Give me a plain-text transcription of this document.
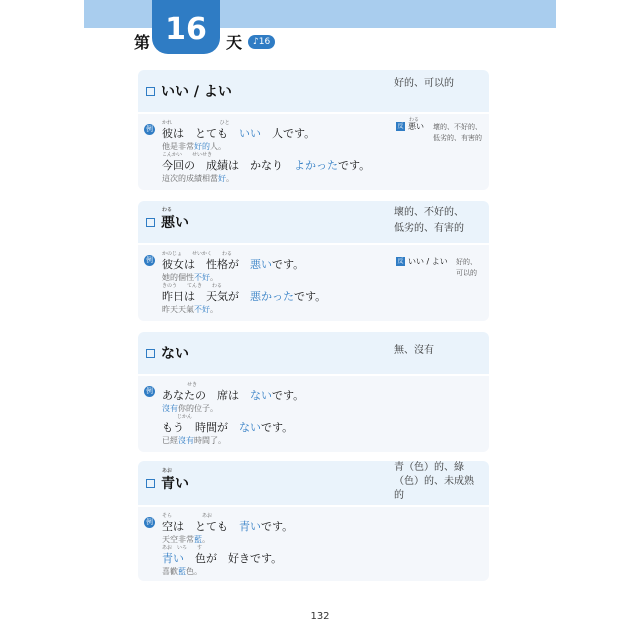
第 16	天	♪16
いい / よい
好的、可以的
例
かれ                              ひと
彼は　とても　いい　人です。
他是非常好的人。
こんかい　　せいせき
今回の　成績は　かなり　よかったです。
這次的成績相當好。
反
わる
悪い 壞的、不好的、
低劣的、有害的
わる
悪い
壞的、不好的、
低劣的、有害的
例
かのじょ　　せいかく　　わる
彼女は　性格が　悪いです。
她的個性不好。
きのう　　てんき　　わる
昨日は　天気が　悪かったです。
昨天天氣不好。
反 いい / よい 好的、
可以的
ない	無、沒有
例
　　　　　せき
あなたの　席は　ないです。
沒有你的位子。
　　　じかん
もう　時間が　ないです。
已經沒有時間了。
あお
青い
青（色）的、綠
（色）的、未成熟
的
例
そら　　　　　　あお
空は　とても　青いです。
天空非常藍。
あお　いろ　　す
青い　色が　好きです。
喜歡藍色。
132
